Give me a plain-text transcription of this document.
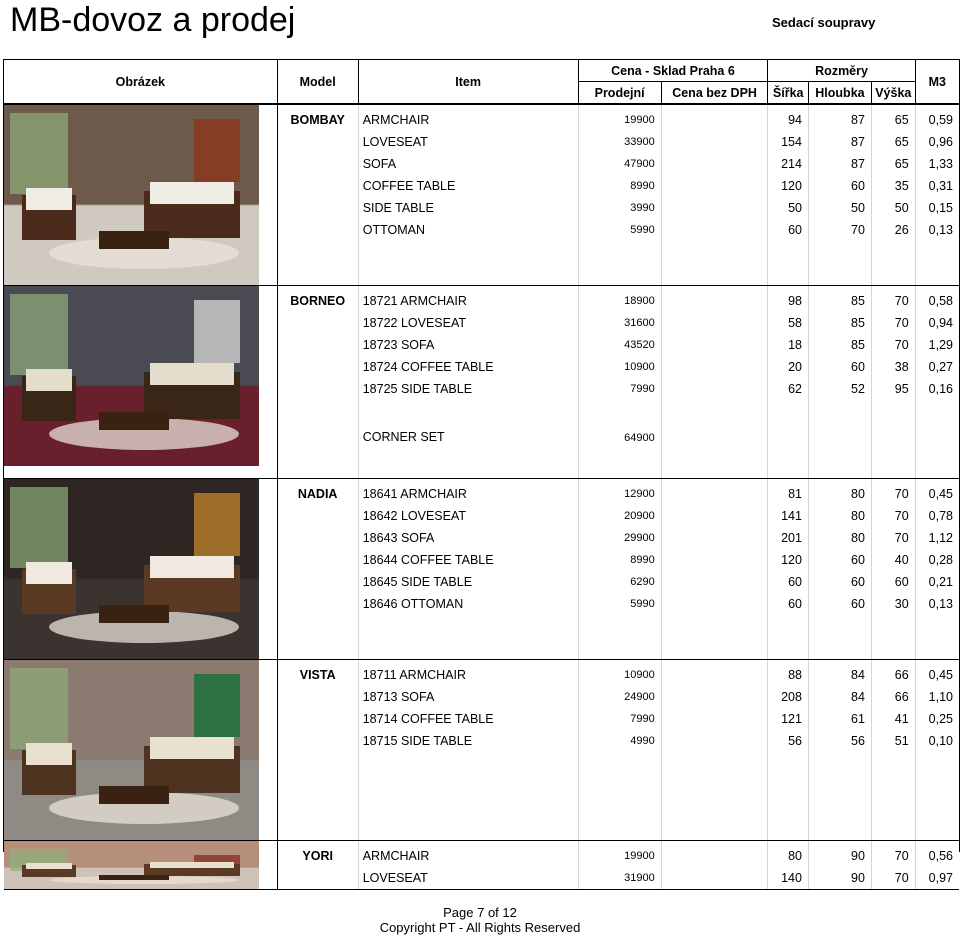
MB-dovoz a prodej	Sedací soupravy
Obrázek	Model	Item	Cena - Sklad Praha 6		Rozměry			M3
			Prodejní	Cena bez DPH	Šířka	Hloubka	Výška	

	BOMBAY	ARMCHAIR	19900		94	87	65	0,59
		LOVESEAT	33900		154	87	65	0,96
		SOFA	47900		214	87	65	1,33
		COFFEE TABLE	8990		120	60	35	0,31
		SIDE TABLE	3990		50	50	50	0,15
		OTTOMAN	5990		60	70	26	0,13

	BORNEO	18721 ARMCHAIR	18900		98	85	70	0,58
		18722 LOVESEAT	31600		58	85	70	0,94
		18723 SOFA	43520		18	85	70	1,29
		18724 COFFEE TABLE	10900		20	60	38	0,27
		18725 SIDE TABLE	7990		62	52	95	0,16
		CORNER SET	64900					

	NADIA	18641 ARMCHAIR	12900		81	80	70	0,45
		18642 LOVESEAT	20900		141	80	70	0,78
		18643 SOFA	29900		201	80	70	1,12
		18644 COFFEE TABLE	8990		120	60	40	0,28
		18645 SIDE TABLE	6290		60	60	60	0,21
		18646 OTTOMAN	5990		60	60	30	0,13

	VISTA	18711 ARMCHAIR	10900		88	84	66	0,45
		18713 SOFA	24900		208	84	66	1,10
		18714 COFFEE TABLE	7990		121	61	41	0,25
		18715 SIDE TABLE	4990		56	56	51	0,10

	YORI	ARMCHAIR	19900		80	90	70	0,56
		LOVESEAT	31900		140	90	70	0,97
Page 7 of 12
Copyright PT - All Rights Reserved
